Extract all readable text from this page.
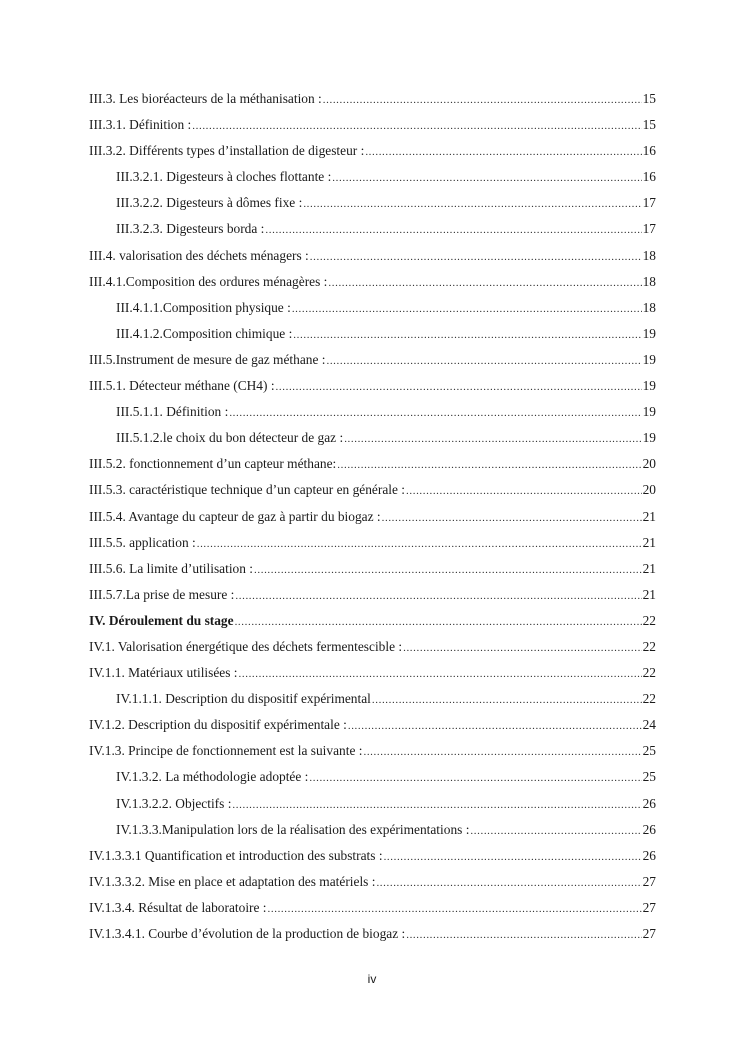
III.3. Les bioréacteurs de la méthanisation : .....	15
III.3.1. Définition : .....	15
III.3.2. Différents types d’installation de digesteur : .....	16
III.3.2.1. Digesteurs à cloches flottante : .....	16
III.3.2.2. Digesteurs à dômes fixe : .....	17
III.3.2.3. Digesteurs borda : .....	17
III.4. valorisation des déchets ménagers : .....	18
III.4.1.Composition des ordures ménagères : .....	18
III.4.1.1.Composition physique : .....	18
III.4.1.2.Composition chimique : .....	19
III.5.Instrument de mesure de gaz méthane : .....	19
III.5.1. Détecteur méthane (CH4) : .....	19
III.5.1.1. Définition : .....	19
III.5.1.2.le choix du bon détecteur de gaz : .....	19
III.5.2. fonctionnement d’un capteur méthane: .....	20
III.5.3. caractéristique technique d’un capteur en générale : .....	20
III.5.4. Avantage du capteur de gaz à partir du biogaz : .....	21
III.5.5. application : .....	21
III.5.6. La limite d’utilisation : .....	21
III.5.7.La prise de mesure : .....	21
IV. Déroulement du stage .....	22
IV.1. Valorisation énergétique des déchets fermentescible : .....	22
IV.1.1. Matériaux utilisées : .....	22
IV.1.1.1. Description du dispositif expérimental .....	22
IV.1.2. Description du dispositif expérimentale : .....	24
IV.1.3. Principe de fonctionnement est la suivante : .....	25
IV.1.3.2. La méthodologie adoptée : .....	25
IV.1.3.2.2. Objectifs : .....	26
IV.1.3.3.Manipulation lors de la réalisation des expérimentations : .....	26
IV.1.3.3.1 Quantification et introduction des substrats : .....	26
IV.1.3.3.2. Mise en place et adaptation des matériels : .....	27
IV.1.3.4. Résultat de laboratoire : .....	27
IV.1.3.4.1. Courbe d’évolution de la production de biogaz : .....	27
iv
